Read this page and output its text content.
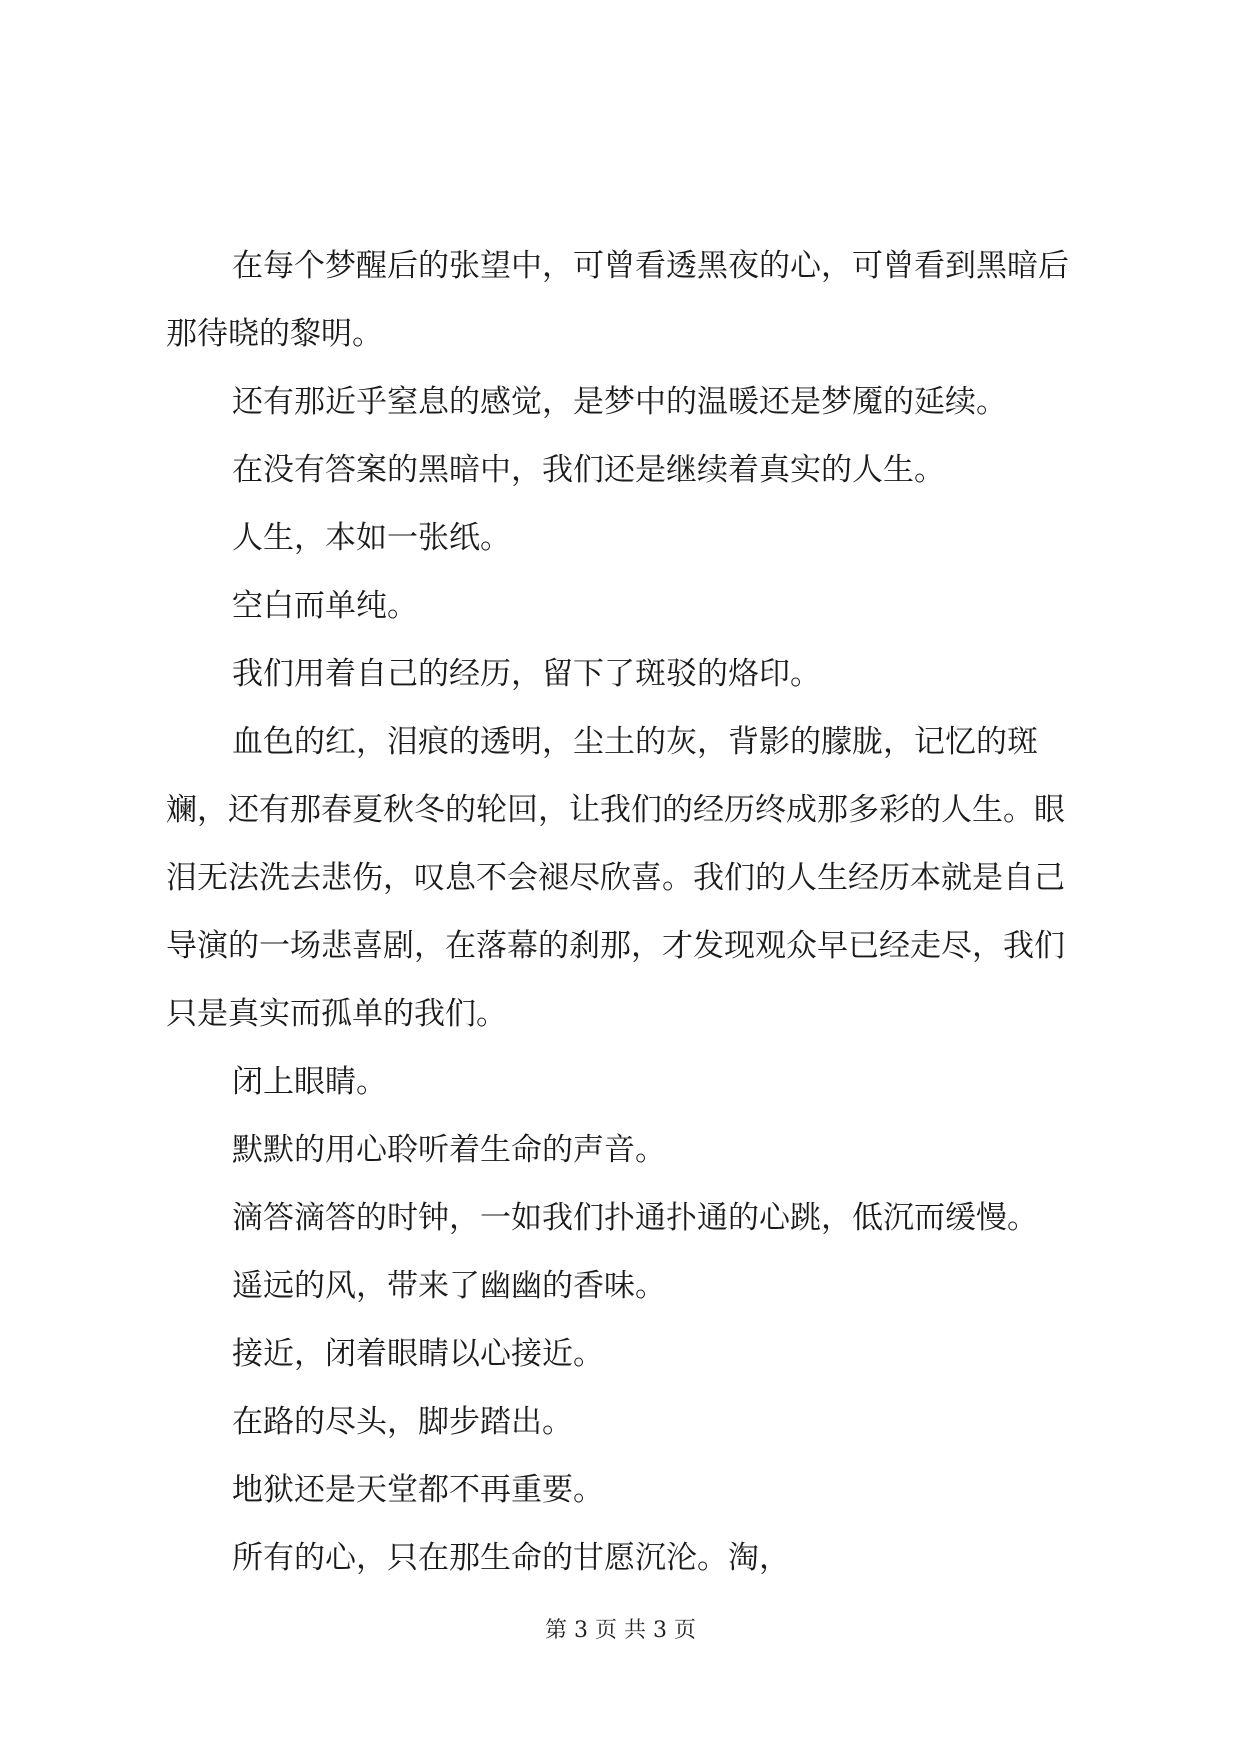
在每个梦醒后的张望中，可曾看透黑夜的心，可曾看到黑暗后那待晓的黎明。

还有那近乎窒息的感觉，是梦中的温暖还是梦魇的延续。

在没有答案的黑暗中，我们还是继续着真实的人生。

人生，本如一张纸。

空白而单纯。

我们用着自己的经历，留下了斑驳的烙印。

血色的红，泪痕的透明，尘土的灰，背影的朦胧，记忆的斑斓，还有那春夏秋冬的轮回，让我们的经历终成那多彩的人生。眼泪无法洗去悲伤，叹息不会褪尽欣喜。我们的人生经历本就是自己导演的一场悲喜剧，在落幕的刹那，才发现观众早已经走尽，我们只是真实而孤单的我们。

闭上眼睛。

默默的用心聆听着生命的声音。

滴答滴答的时钟，一如我们扑通扑通的心跳，低沉而缓慢。

遥远的风，带来了幽幽的香味。

接近，闭着眼睛以心接近。

在路的尽头，脚步踏出。

地狱还是天堂都不再重要。

所有的心，只在那生命的甘愿沉沦。淘，

第 3 页 共 3 页
